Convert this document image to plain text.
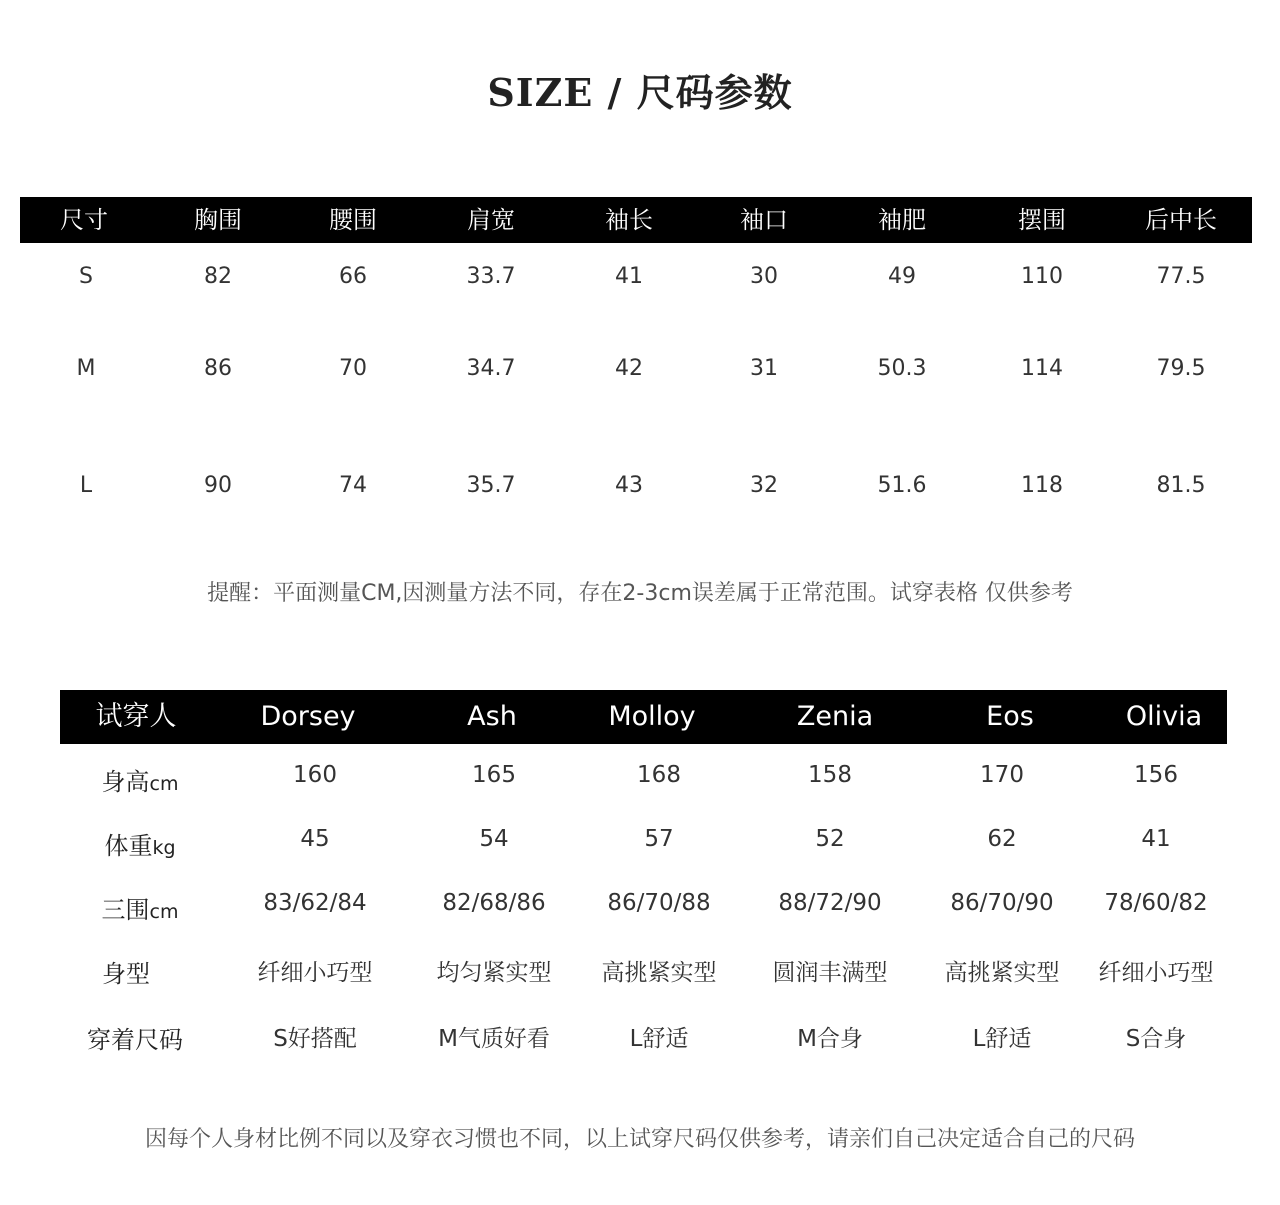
SIZE / 尺码参数
尺寸	胸围	腰围	肩宽	袖长	袖口	袖肥	摆围	后中长
S	82	66	33.7	41	30	49	110	77.5
M	86	70	34.7	42	31	50.3	114	79.5
L	90	74	35.7	43	32	51.6	118	81.5
提醒：平面测量CM,因测量方法不同，存在2-3cm误差属于正常范围。试穿表格 仅供参考
试穿人	Dorsey	Ash	Molloy	Zenia	Eos	Olivia
身高cm	160	165	168	158	170	156
体重kg	45	54	57	52	62	41
三围cm	83/62/84	82/68/86	86/70/88	88/72/90	86/70/90 78/60/82
身型	纤细小巧型	均匀紧实型 高挑紧实型 圆润丰满型 高挑紧实型 纤细小巧型
穿着尺码	S好搭配	M气质好看	L舒适	M合身	L舒适	S合身
因每个人身材比例不同以及穿衣习惯也不同，以上试穿尺码仅供参考，请亲们自己决定适合自己的尺码
